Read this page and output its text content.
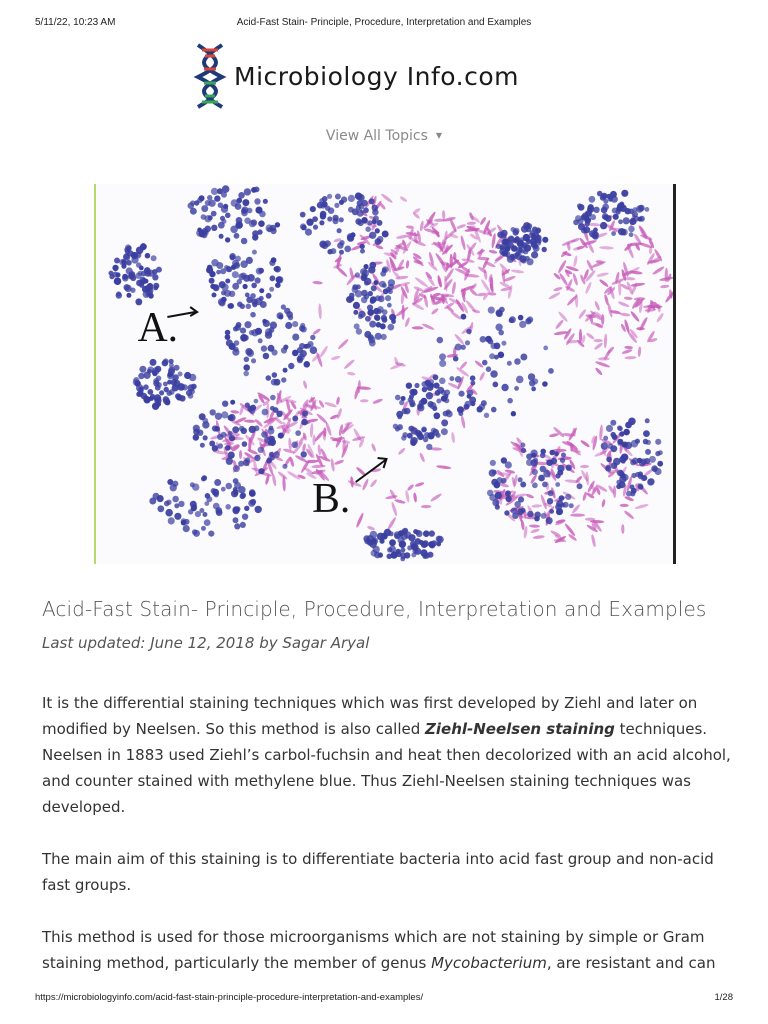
5/11/22, 10:23 AM	Acid-Fast Stain- Principle, Procedure, Interpretation and Examples
Microbiology Info.com
View All Topics ▼
A.
B.
Acid-Fast Stain- Principle, Procedure, Interpretation and Examples
Last updated: June 12, 2018 by Sagar Aryal

It is the differential staining techniques which was first developed by Ziehl and later on modified by Neelsen. So this method is also called Ziehl-Neelsen staining techniques. Neelsen in 1883 used Ziehl’s carbol-fuchsin and heat then decolorized with an acid alcohol, and counter stained with methylene blue. Thus Ziehl-Neelsen staining techniques was developed.

The main aim of this staining is to differentiate bacteria into acid fast group and non-acid fast groups.

This method is used for those microorganisms which are not staining by simple or Gram staining method, particularly the member of genus Mycobacterium, are resistant and can

https://microbiologyinfo.com/acid-fast-stain-principle-procedure-interpretation-and-examples/	1/28
